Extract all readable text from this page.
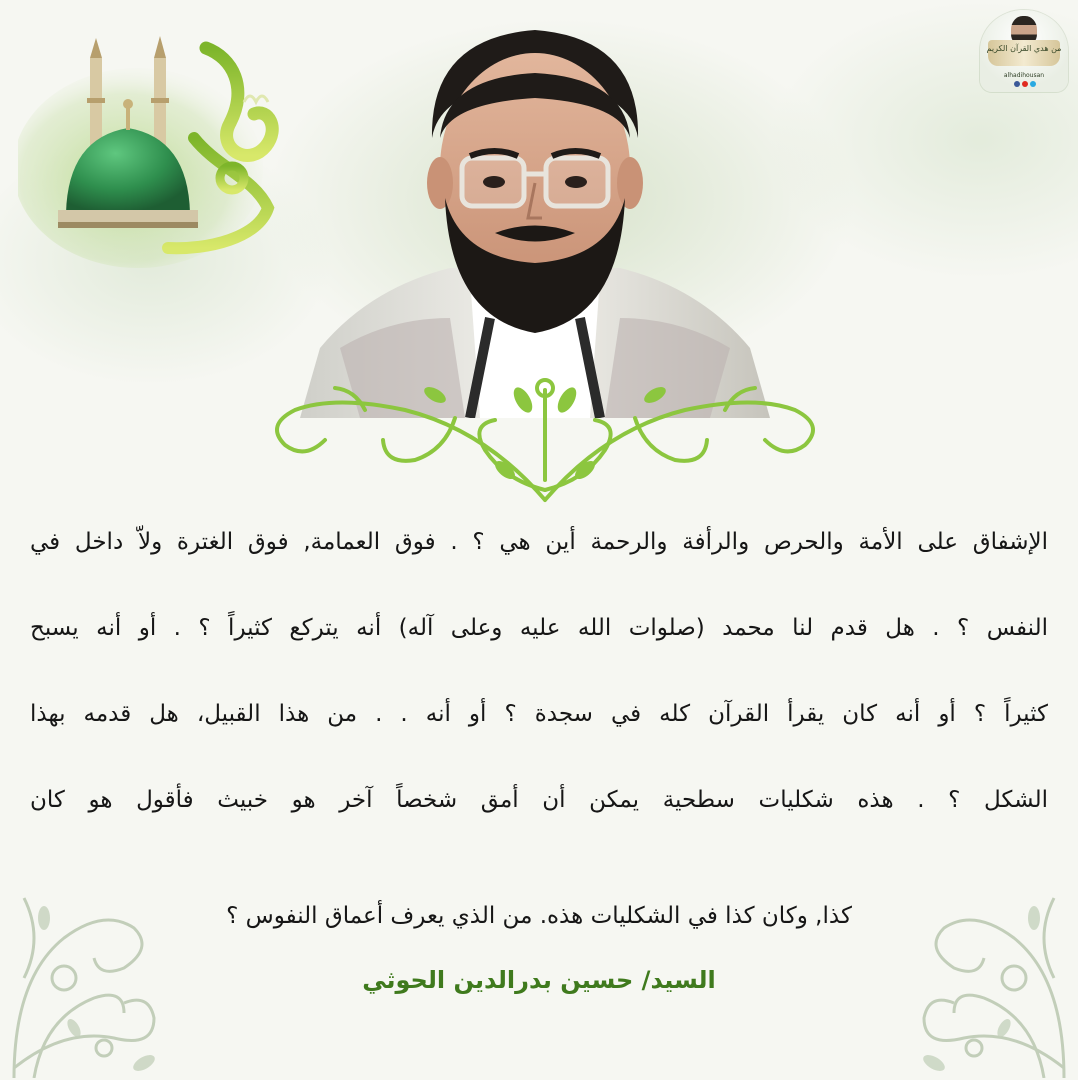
من هدي القرآن الكريم
alhadihousan
الإشفاق على الأمة والحرص والرأفة والرحمة أين هي ؟ . فوق العمامة, فوق الغترة ولاّ داخل في
النفس ؟ . هل قدم لنا محمد (صلوات الله عليه وعلى آله) أنه يتركع كثيراً ؟ . أو أنه يسبح
كثيراً ؟ أو أنه كان يقرأ القرآن كله في سجدة ؟ أو أنه . . من هذا القبيل، هل قدمه بهذا
الشكل ؟ . هذه شكليات سطحية يمكن أن أمق شخصاً آخر هو خبيث فأقول هو كان
كذا, وكان كذا في الشكليات هذه. من الذي يعرف أعماق النفوس ؟
السيد/ حسين بدرالدين الحوثي
